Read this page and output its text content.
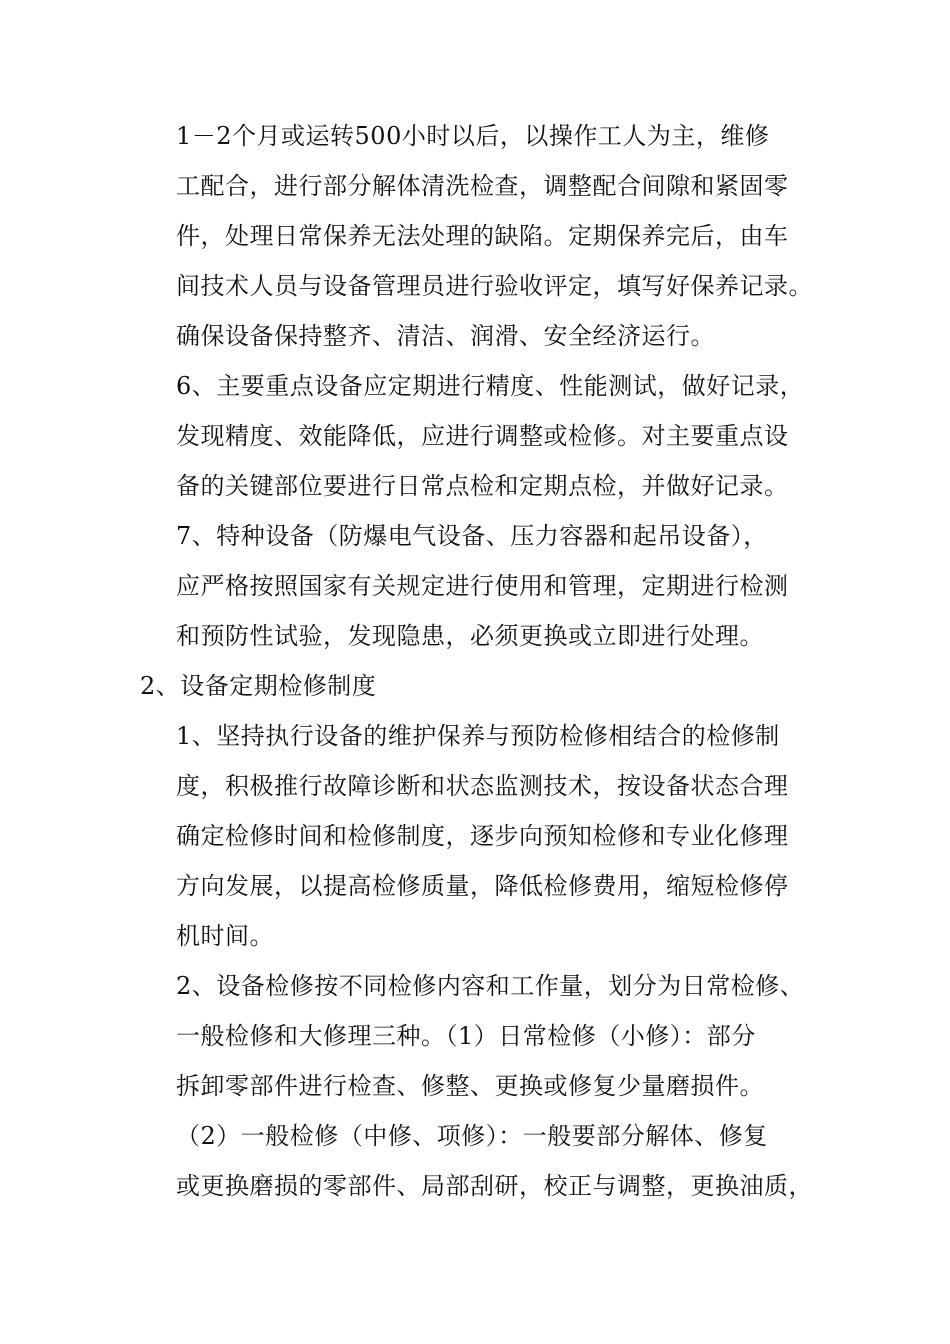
1－2个月或运转500小时以后，以操作工人为主，维修
工配合，进行部分解体清洗检查，调整配合间隙和紧固零
件，处理日常保养无法处理的缺陷。定期保养完后，由车
间技术人员与设备管理员进行验收评定，填写好保养记录。
确保设备保持整齐、清洁、润滑、安全经济运行。
6、主要重点设备应定期进行精度、性能测试，做好记录，
发现精度、效能降低，应进行调整或检修。对主要重点设
备的关键部位要进行日常点检和定期点检，并做好记录。
7、特种设备（防爆电气设备、压力容器和起吊设备），
应严格按照国家有关规定进行使用和管理，定期进行检测
和预防性试验，发现隐患，必须更换或立即进行处理。
2、设备定期检修制度
1、坚持执行设备的维护保养与预防检修相结合的检修制
度，积极推行故障诊断和状态监测技术，按设备状态合理
确定检修时间和检修制度，逐步向预知检修和专业化修理
方向发展，以提高检修质量，降低检修费用，缩短检修停
机时间。
2、设备检修按不同检修内容和工作量，划分为日常检修、
一般检修和大修理三种。（1）日常检修（小修）：部分
拆卸零部件进行检查、修整、更换或修复少量磨损件。
（2）一般检修（中修、项修）：一般要部分解体、修复
或更换磨损的零部件、局部刮研，校正与调整，更换油质，
